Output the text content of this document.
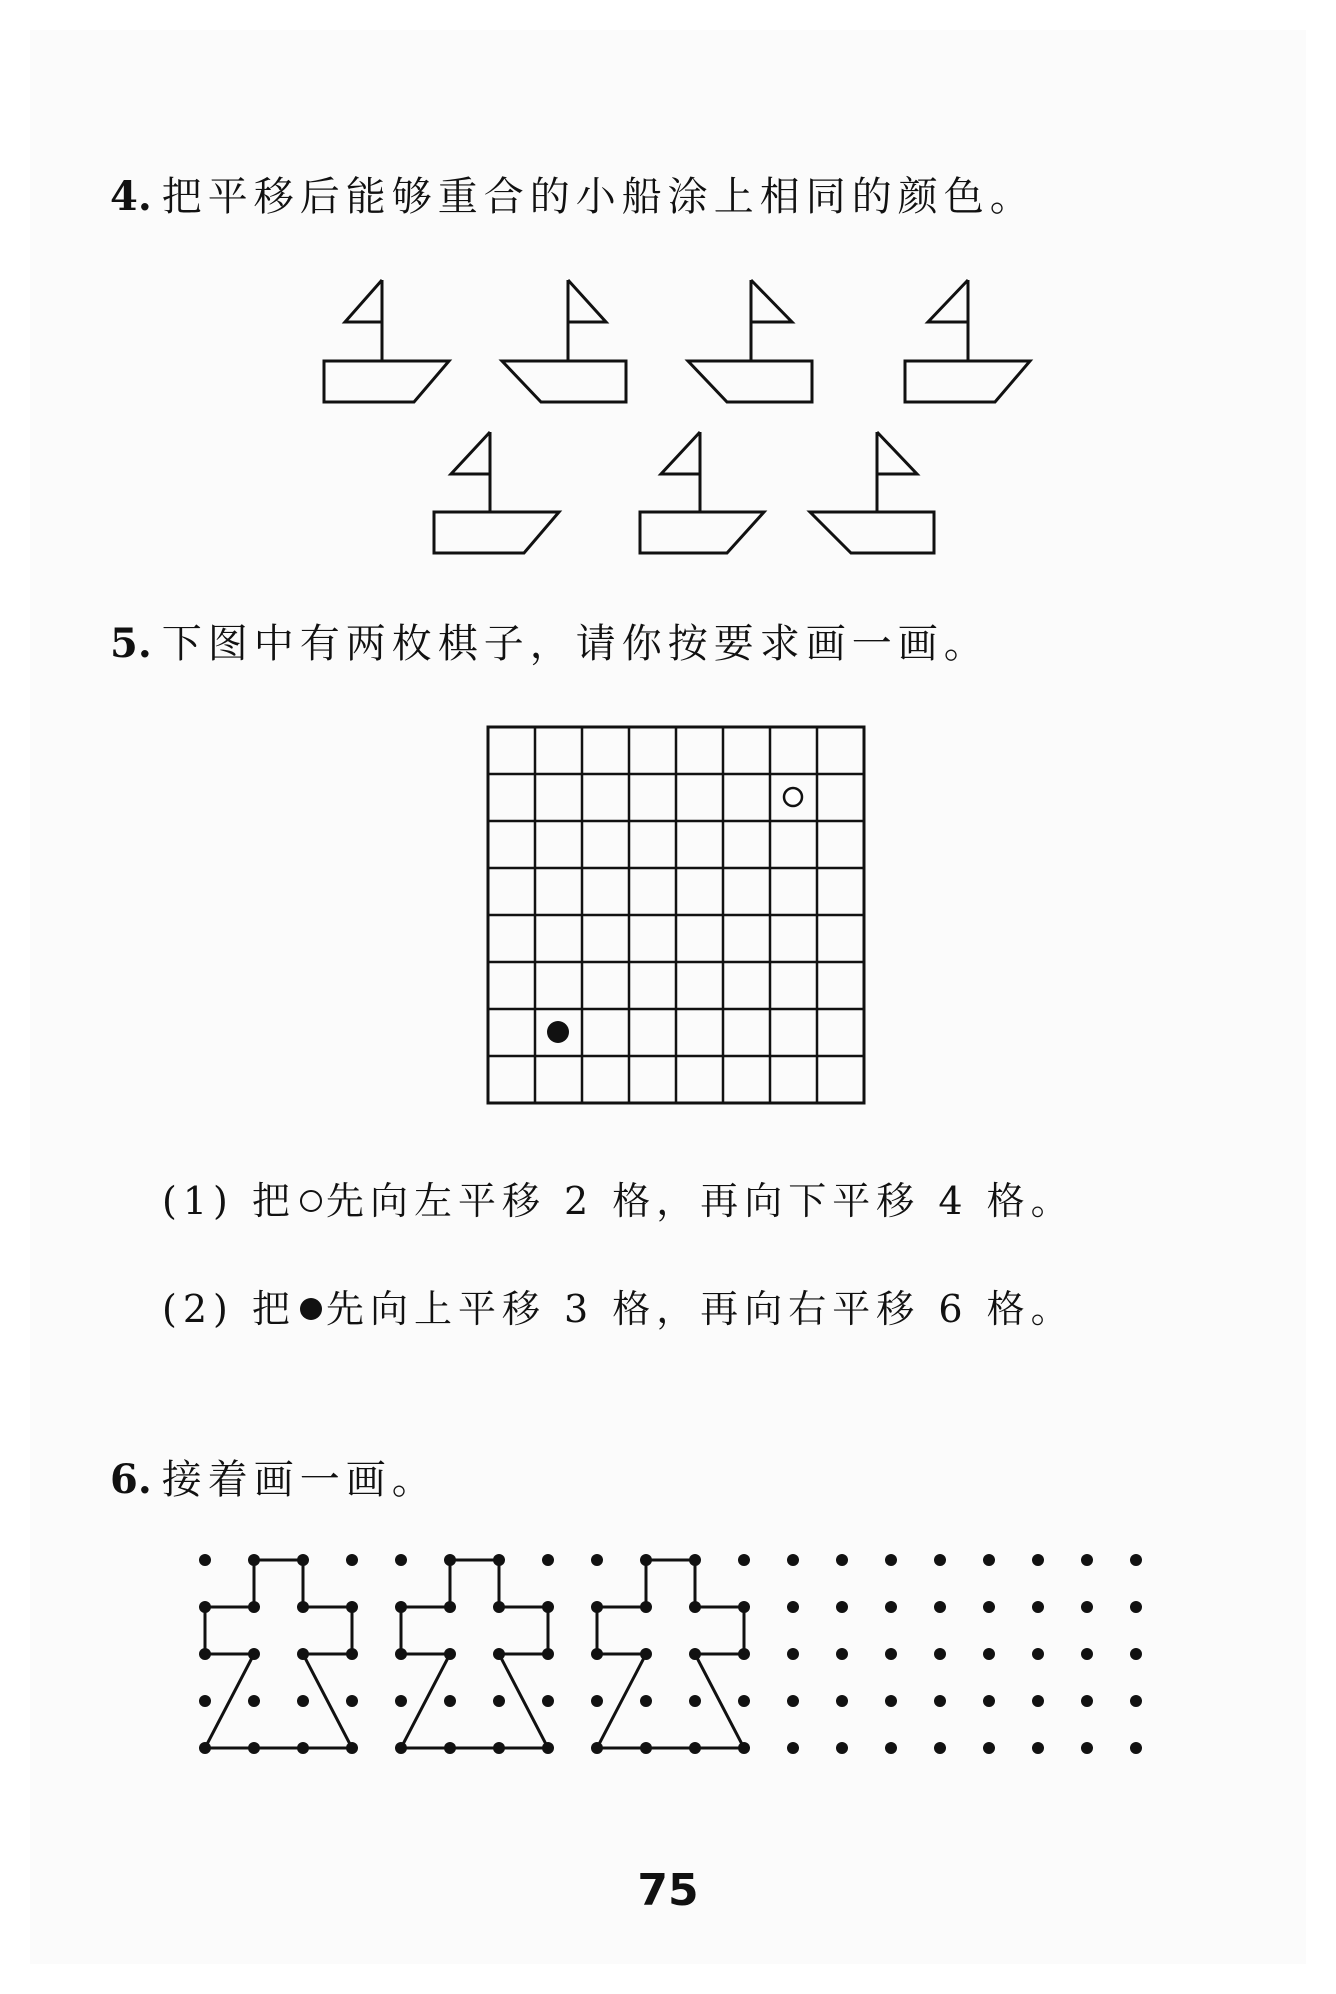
4. 把平移后能够重合的小船涂上相同的颜色。
5. 下图中有两枚棋子，请你按要求画一画。
(1) 把 先向左平移 2 格，再向下平移 4 格。
(2) 把 先向上平移 3 格，再向右平移 6 格。
6. 接着画一画。
75
